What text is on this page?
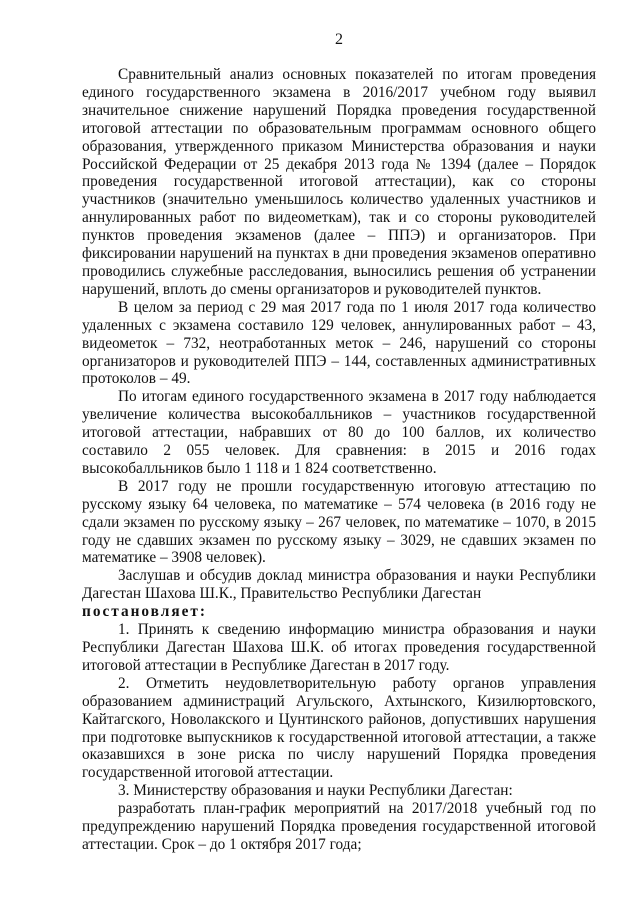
2

Сравнительный анализ основных показателей по итогам проведения единого государственного экзамена в 2016/2017 учебном году выявил значительное снижение нарушений Порядка проведения государственной итоговой аттестации по образовательным программам основного общего образования, утвержденного приказом Министерства образования и науки Российской Федерации от 25 декабря 2013 года № 1394 (далее – Порядок проведения государственной итоговой аттестации), как со стороны участников (значительно уменьшилось количество удаленных участников и аннулированных работ по видеометкам), так и со стороны руководителей пунктов проведения экзаменов (далее – ППЭ) и организаторов. При фиксировании нарушений на пунктах в дни проведения экзаменов оперативно проводились служебные расследования, выносились решения об устранении нарушений, вплоть до смены организаторов и руководителей пунктов.

В целом за период с 29 мая 2017 года по 1 июля 2017 года количество удаленных с экзамена составило 129 человек, аннулированных работ – 43, видеометок – 732, неотработанных меток – 246, нарушений со стороны организаторов и руководителей ППЭ – 144, составленных административных протоколов – 49.

По итогам единого государственного экзамена в 2017 году наблюдается увеличение количества высокобалльников – участников государственной итоговой аттестации, набравших от 80 до 100 баллов, их количество составило 2 055 человек. Для сравнения: в 2015 и 2016 годах высокобалльников было 1 118 и 1 824 соответственно.

В 2017 году не прошли государственную итоговую аттестацию по русскому языку 64 человека, по математике – 574 человека (в 2016 году не сдали экзамен по русскому языку – 267 человек, по математике – 1070, в 2015 году не сдавших экзамен по русскому языку – 3029, не сдавших экзамен по математике – 3908 человек).

Заслушав и обсудив доклад министра образования и науки Республики Дагестан Шахова Ш.К., Правительство Республики Дагестан

постановляет:

1. Принять к сведению информацию министра образования и науки Республики Дагестан Шахова Ш.К. об итогах проведения государственной итоговой аттестации в Республике Дагестан в 2017 году.

2. Отметить неудовлетворительную работу органов управления образованием администраций Агульского, Ахтынского, Кизилюртовского, Кайтагского, Новолакского и Цунтинского районов, допустивших нарушения при подготовке выпускников к государственной итоговой аттестации, а также оказавшихся в зоне риска по числу нарушений Порядка проведения государственной итоговой аттестации.

3. Министерству образования и науки Республики Дагестан:

разработать план-график мероприятий на 2017/2018 учебный год по предупреждению нарушений Порядка проведения государственной итоговой аттестации. Срок – до 1 октября 2017 года;
